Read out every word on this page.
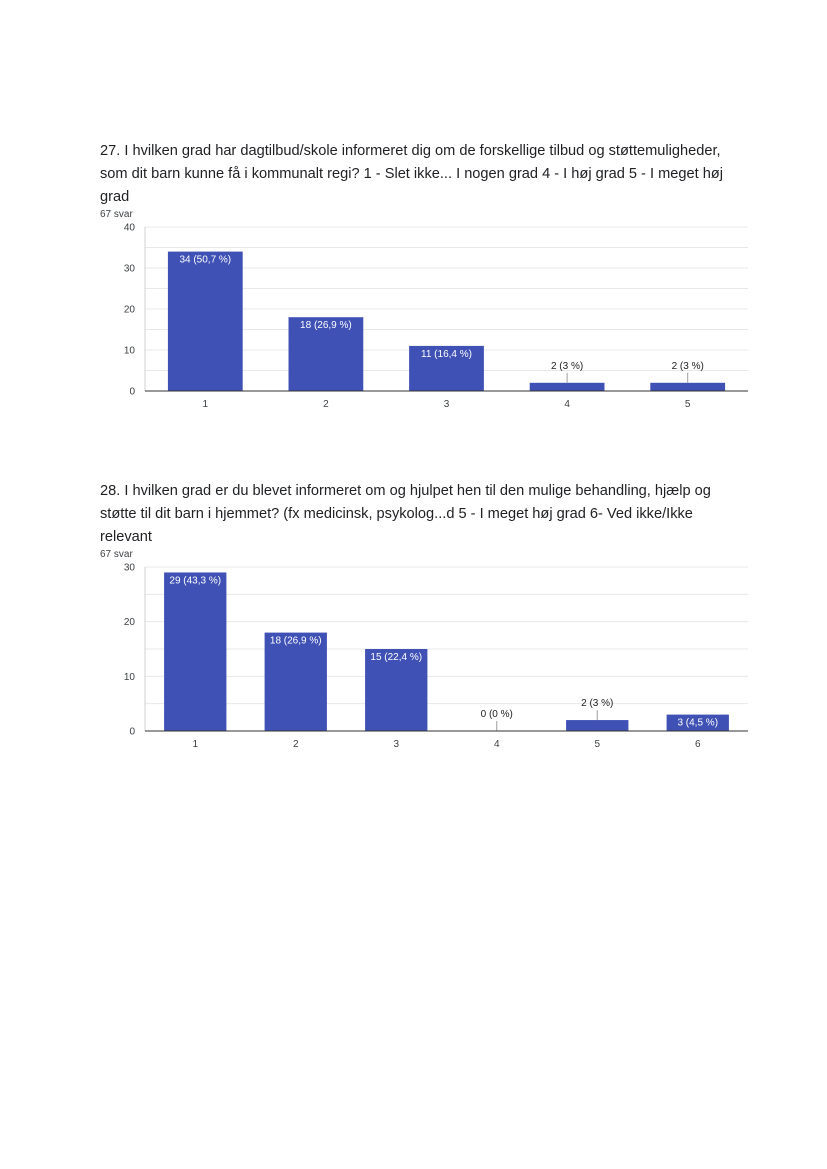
27. I hvilken grad har dagtilbud/skole informeret dig om de forskellige tilbud og støttemuligheder, som dit barn kunne få i kommunalt regi? 1 - Slet ikke... I nogen grad 4 - I høj grad 5 - I meget høj grad

67 svar
0
10
20
30
40
34 (50,7 %)
1
18 (26,9 %)
2
11 (16,4 %)
3
2 (3 %)
4
2 (3 %)
5

28. I hvilken grad er du blevet informeret om og hjulpet hen til den mulige behandling, hjælp og støtte til dit barn i hjemmet? (fx medicinsk, psykolog...d 5 - I meget høj grad 6- Ved ikke/Ikke relevant

67 svar
0
10
20
30
29 (43,3 %)
1
18 (26,9 %)
2
15 (22,4 %)
3
0 (0 %)
4
2 (3 %)
5
3 (4,5 %)
6
